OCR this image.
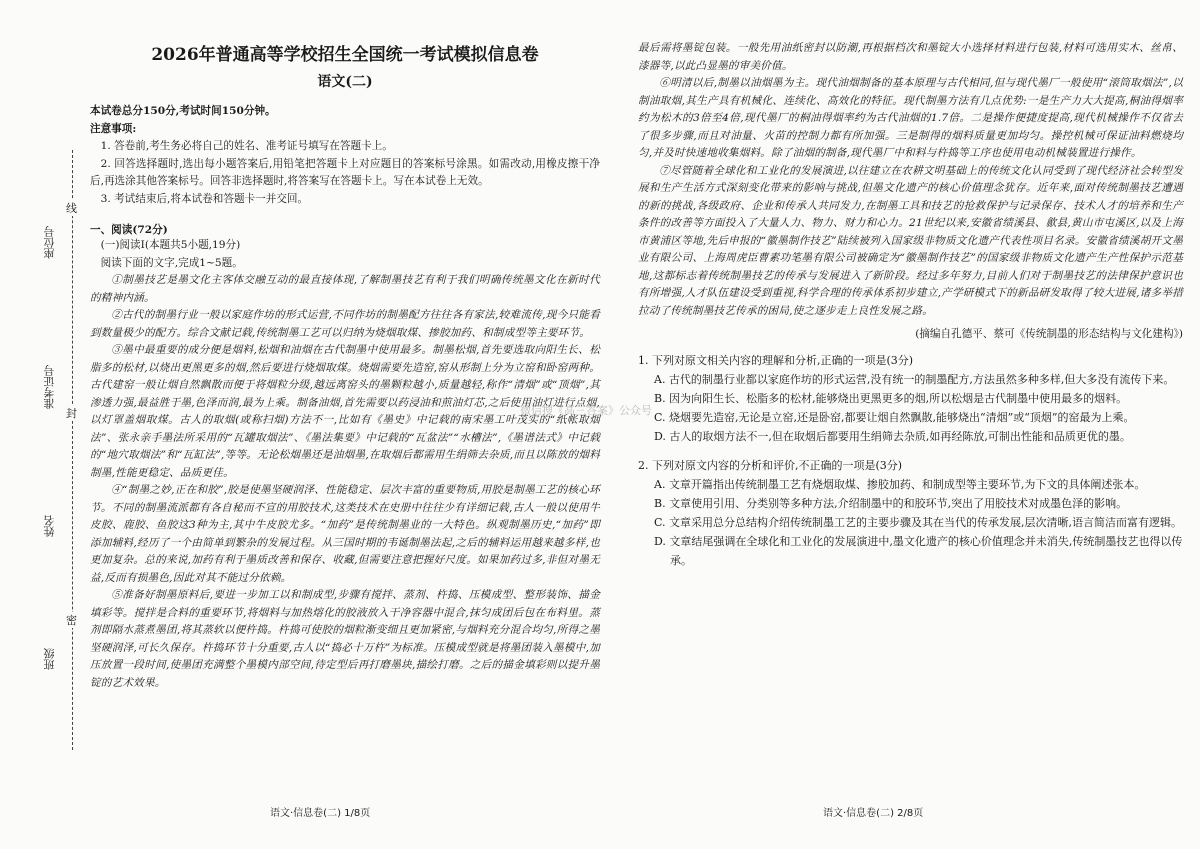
座位号
准考证号
姓名
班级
线
封
密
2026年普通高等学校招生全国统一考试模拟信息卷
语文(二)

本试卷总分150分,考试时间150分钟。

注意事项:

1. 答卷前,考生务必将自己的姓名、准考证号填写在答题卡上。

2. 回答选择题时,选出每小题答案后,用铅笔把答题卡上对应题目的答案标号涂黑。如需改动,用橡皮擦干净后,再选涂其他答案标号。回答非选择题时,将答案写在答题卡上。写在本试卷上无效。

3. 考试结束后,将本试卷和答题卡一并交回。

一、阅读(72分)

(一)阅读Ⅰ(本题共5小题,19分)

阅读下面的文字,完成1~5题。

①制墨技艺是墨文化主客体交融互动的最直接体现,了解制墨技艺有利于我们明确传统墨文化在新时代的精神内涵。

②古代的制墨行业一般以家庭作坊的形式运营,不同作坊的制墨配方往往各有家法,较难流传,现今只能看到数量极少的配方。综合文献记载,传统制墨工艺可以归纳为烧烟取煤、掺胶加药、和制成型等主要环节。

③墨中最重要的成分便是烟料,松烟和油烟在古代制墨中使用最多。制墨松烟,首先要选取向阳生长、松脂多的松材,以烧出更黑更多的烟,然后要进行烧烟取煤。烧烟需要先造窑,窑从形制上分为立窑和卧窑两种。古代建窑一般让烟自然飘散而便于将烟粒分级,越远离窑头的墨颗粒越小,质量越轻,称作“清烟”或“顶烟”,其渗透力强,最益胜于墨,色泽而润,最为上乘。制备油烟,首先需要以药浸油和煎油灯芯,之后使用油灯进行点烟,以灯罩盖烟取煤。古人的取烟(或称扫烟)方法不一,比如有《墨史》中记载的南宋墨工叶茂实的“纸帐取烟法”、张永亲手墨法所采用的“瓦罐取烟法”、《墨法集要》中记载的“瓦盆法”“水槽法”,《墨谱法式》中记载的“地穴取烟法”和“瓦缸法”,等等。无论松烟墨还是油烟墨,在取烟后都需用生绢筛去杂质,而且以陈放的烟料制墨,性能更稳定、品质更佳。

④“制墨之妙,正在和胶”,胶是使墨坚硬润泽、性能稳定、层次丰富的重要物质,用胶是制墨工艺的核心环节。不同的制墨流派都有各自秘而不宣的用胶技术,这类技术在史册中往往少有详细记载,古人一般以使用牛皮胶、鹿胶、鱼胶这3种为主,其中牛皮胶尤多。“加药”是传统制墨业的一大特色。纵观制墨历史,“加药”即添加辅料,经历了一个由简单到繁杂的发展过程。从三国时期的韦诞制墨法起,之后的辅料运用越来越多样,也更加复杂。总的来说,加药有利于墨质改善和保存、收藏,但需要注意把握好尺度。如果加药过多,非但对墨无益,反而有损墨色,因此对其不能过分依赖。

⑤准备好制墨原料后,要进一步加工以和制成型,步骤有搅拌、蒸剂、杵捣、压模成型、整形装饰、描金填彩等。搅拌是合料的重要环节,将烟料与加热熔化的胶液放入干净容器中混合,抹匀成团后包在布料里。蒸剂即隔水蒸煮墨团,将其蒸软以便杵捣。杵捣可使胶的烟粒渐变细且更加紧密,与烟料充分混合均匀,所得之墨坚硬润泽,可长久保存。杵捣环节十分重要,古人以“捣必十万杵”为标准。压模成型就是将墨团装入墨模中,加压放置一段时间,使墨团充满整个墨模内部空间,待定型后再打磨墨块,描绘打磨。之后的描金填彩则以提升墨锭的艺术效果。

语文·信息卷(二) 1/8页

最后需将墨锭包装。一般先用油纸密封以防潮,再根据档次和墨锭大小选择材料进行包装,材料可选用实木、丝帛、漆器等,以此凸显墨的审美价值。

⑥明清以后,制墨以油烟墨为主。现代油烟制备的基本原理与古代相同,但与现代墨厂一般使用“滚筒取烟法”,以制油取烟,其生产具有机械化、连续化、高效化的特征。现代制墨方法有几点优势:一是生产力大大提高,桐油得烟率约为松木的3倍至4倍,现代墨厂的桐油得烟率约为古代油烟的1.7倍。二是操作便捷度提高,现代机械操作不仅省去了很多步骤,而且对油量、火苗的控制力都有所加强。三是制得的烟料质量更加均匀。操控机械可保证油料燃烧均匀,并及时快速地收集烟料。除了油烟的制备,现代墨厂中和料与杵捣等工序也使用电动机械装置进行操作。

⑦尽管随着全球化和工业化的发展演进,以往建立在农耕文明基础上的传统文化认同受到了现代经济社会转型发展和生产生活方式深刻变化带来的影响与挑战,但墨文化遗产的核心价值理念犹存。近年来,面对传统制墨技艺遭遇的新的挑战,各级政府、企业和传承人共同发力,在制墨工具和技艺的抢救保护与记录保存、技术人才的培养和生产条件的改善等方面投入了大量人力、物力、财力和心力。21世纪以来,安徽省绩溪县、歙县,黄山市屯溪区,以及上海市黄浦区等地,先后申报的“徽墨制作技艺”陆续被列入国家级非物质文化遗产代表性项目名录。安徽省绩溪胡开文墨业有限公司、上海周虎臣曹素功笔墨有限公司被确定为“徽墨制作技艺”的国家级非物质文化遗产生产性保护示范基地,这都标志着传统制墨技艺的传承与发展进入了新阶段。经过多年努力,目前人们对于制墨技艺的法律保护意识也有所增强,人才队伍建设受到重视,科学合理的传承体系初步建立,产学研模式下的新品研发取得了较大进展,诸多举措拉动了传统制墨技艺传承的困局,使之逐步走上良性发展之路。

(摘编自孔德平、蔡可《传统制墨的形态结构与文化建构》)

1. 下列对原文相关内容的理解和分析,正确的一项是(3分)

A. 古代的制墨行业都以家庭作坊的形式运营,没有统一的制墨配方,方法虽然多种多样,但大多没有流传下来。

B. 因为向阳生长、松脂多的松材,能够烧出更黑更多的烟,所以松烟是古代制墨中使用最多的烟料。

C. 烧烟要先造窑,无论是立窑,还是卧窑,都要让烟自然飘散,能够烧出“清烟”或“顶烟”的窑最为上乘。

D. 古人的取烟方法不一,但在取烟后都要用生绢筛去杂质,如再经陈放,可制出性能和品质更优的墨。

2. 下列对原文内容的分析和评价,不正确的一项是(3分)

A. 文章开篇指出传统制墨工艺有烧烟取煤、掺胶加药、和制成型等主要环节,为下文的具体阐述张本。

B. 文章使用引用、分类别等多种方法,介绍制墨中的和胶环节,突出了用胶技术对成墨色泽的影响。

C. 文章采用总分总结构介绍传统制墨工艺的主要步骤及其在当代的传承发展,层次清晰,语言简洁而富有逻辑。

D. 文章结尾强调在全球化和工业化的发展演进中,墨文化遗产的核心价值理念并未消失,传统制墨技艺也得以传承。

语文·信息卷(二) 2/8页
微信搜《高三答案》公众号
